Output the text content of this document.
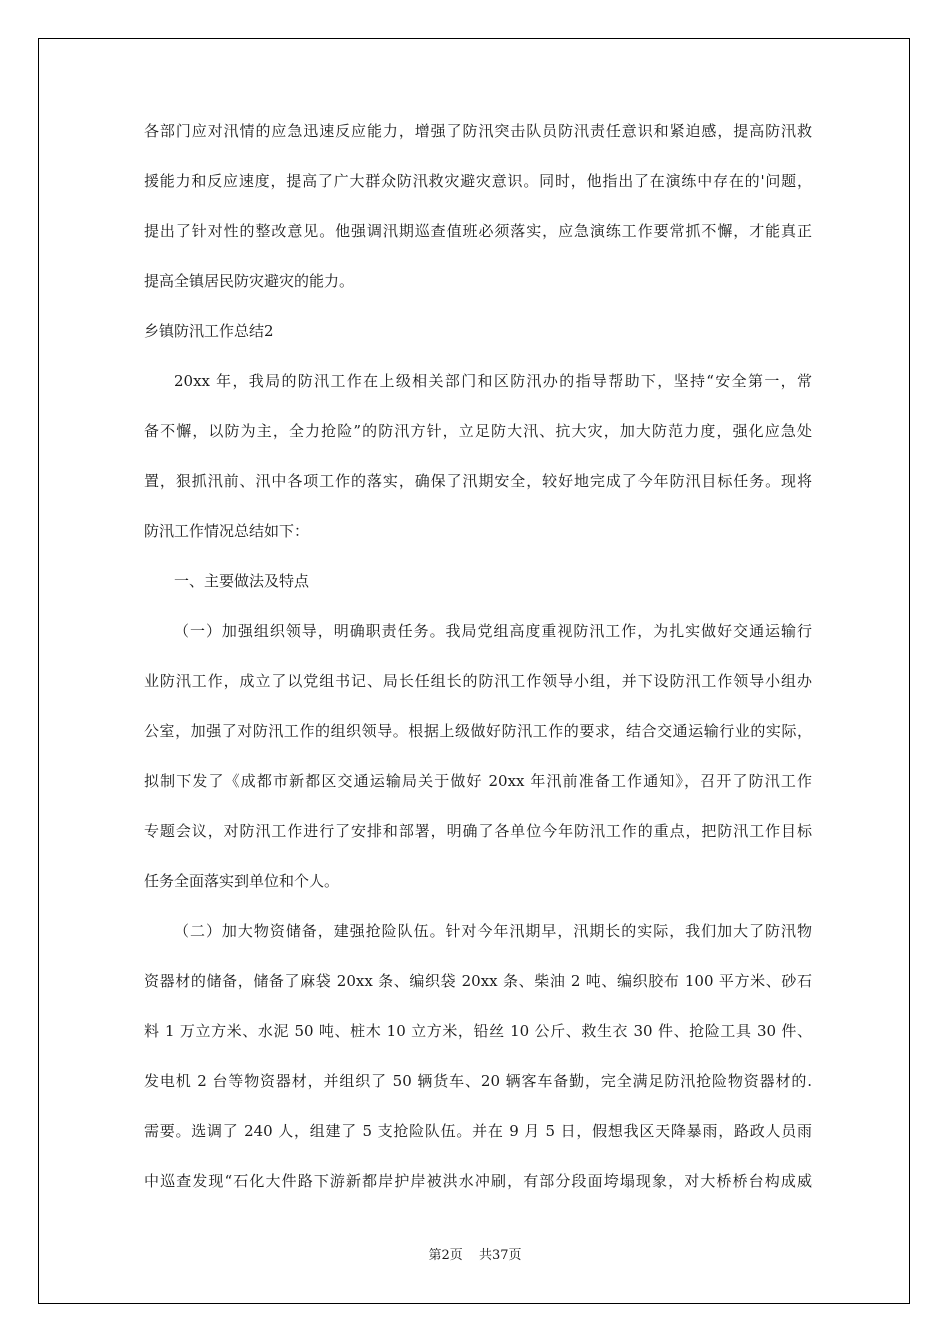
各部门应对汛情的应急迅速反应能力，增强了防汛突击队员防汛责任意识和紧迫感，提高防汛救
援能力和反应速度，提高了广大群众防汛救灾避灾意识。同时，他指出了在演练中存在的'问题，
提出了针对性的整改意见。他强调汛期巡查值班必须落实，应急演练工作要常抓不懈，才能真正
提高全镇居民防灾避灾的能力。
乡镇防汛工作总结2
20xx 年，我局的防汛工作在上级相关部门和区防汛办的指导帮助下，坚持“安全第一，常
备不懈，以防为主，全力抢险”的防汛方针，立足防大汛、抗大灾，加大防范力度，强化应急处
置，狠抓汛前、汛中各项工作的落实，确保了汛期安全，较好地完成了今年防汛目标任务。现将
防汛工作情况总结如下：
一、主要做法及特点
（一）加强组织领导，明确职责任务。我局党组高度重视防汛工作，为扎实做好交通运输行
业防汛工作，成立了以党组书记、局长任组长的防汛工作领导小组，并下设防汛工作领导小组办
公室，加强了对防汛工作的组织领导。根据上级做好防汛工作的要求，结合交通运输行业的实际，
拟制下发了《成都市新都区交通运输局关于做好 20xx 年汛前准备工作通知》，召开了防汛工作
专题会议，对防汛工作进行了安排和部署，明确了各单位今年防汛工作的重点，把防汛工作目标
任务全面落实到单位和个人。
（二）加大物资储备，建强抢险队伍。针对今年汛期早，汛期长的实际，我们加大了防汛物
资器材的储备，储备了麻袋 20xx 条、编织袋 20xx 条、柴油 2 吨、编织胶布 100 平方米、砂石
料 1 万立方米、水泥 50 吨、桩木 10 立方米，铅丝 10 公斤、救生衣 30 件、抢险工具 30 件、
发电机 2 台等物资器材，并组织了 50 辆货车、20 辆客车备勤，完全满足防汛抢险物资器材的.
需要。选调了 240 人，组建了 5 支抢险队伍。并在 9 月 5 日，假想我区天降暴雨，路政人员雨
中巡查发现“石化大件路下游新都岸护岸被洪水冲刷，有部分段面垮塌现象，对大桥桥台构成威
第2页 共37页
